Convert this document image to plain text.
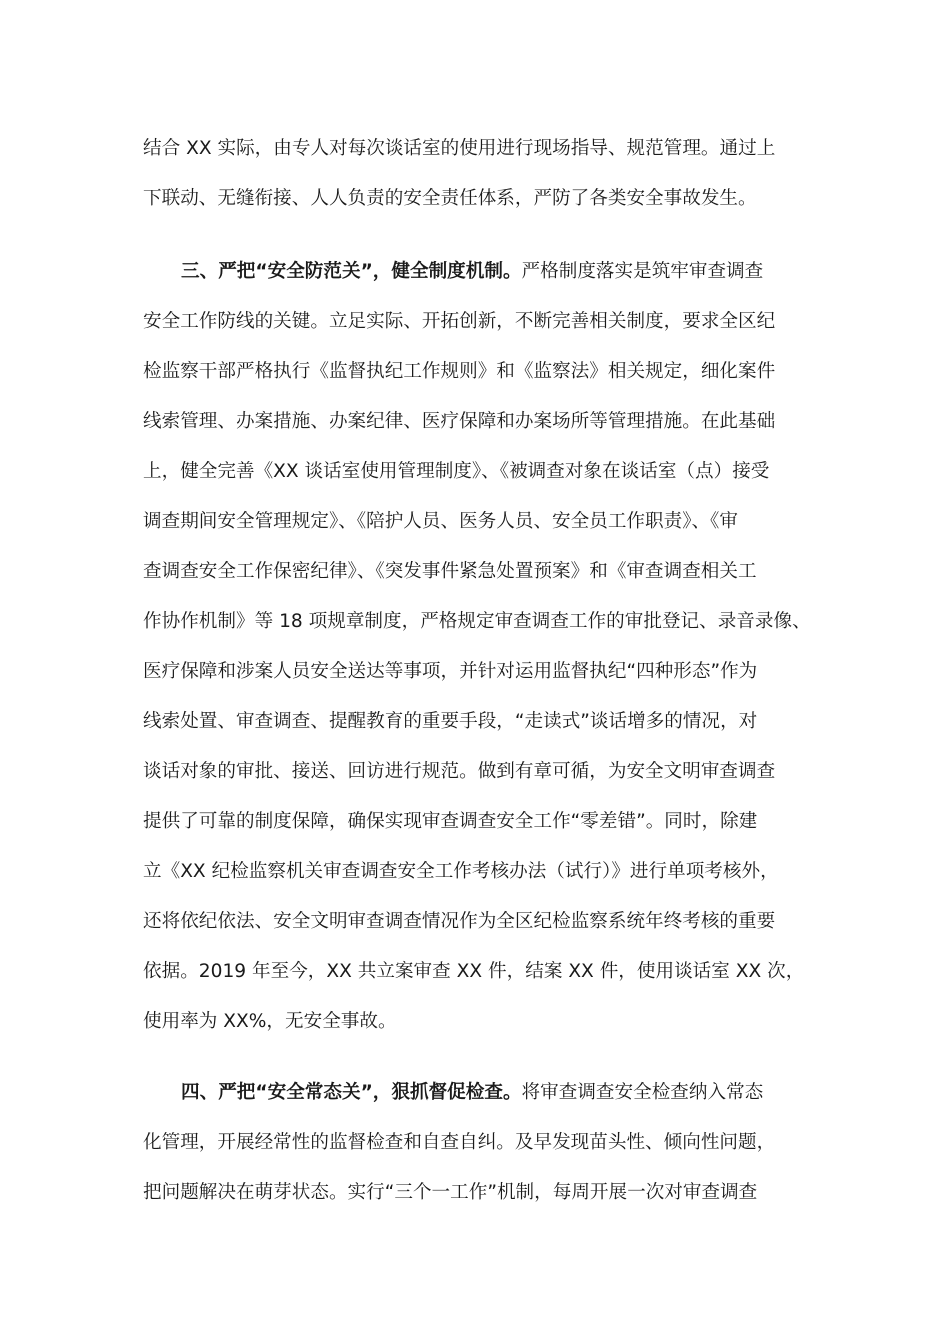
结合 XX 实际，由专人对每次谈话室的使用进行现场指导、规范管理。通过上
下联动、无缝衔接、人人负责的安全责任体系，严防了各类安全事故发生。
三、严把“安全防范关”，健全制度机制。严格制度落实是筑牢审查调查
安全工作防线的关键。立足实际、开拓创新，不断完善相关制度，要求全区纪
检监察干部严格执行《监督执纪工作规则》和《监察法》相关规定，细化案件
线索管理、办案措施、办案纪律、医疗保障和办案场所等管理措施。在此基础
上，健全完善《XX 谈话室使用管理制度》、《被调查对象在谈话室（点）接受
调查期间安全管理规定》、《陪护人员、医务人员、安全员工作职责》、《审
查调查安全工作保密纪律》、《突发事件紧急处置预案》和《审查调查相关工
作协作机制》等 18 项规章制度，严格规定审查调查工作的审批登记、录音录像、
医疗保障和涉案人员安全送达等事项，并针对运用监督执纪“四种形态”作为
线索处置、审查调查、提醒教育的重要手段，“走读式”谈话增多的情况，对
谈话对象的审批、接送、回访进行规范。做到有章可循，为安全文明审查调查
提供了可靠的制度保障，确保实现审查调查安全工作“零差错”。同时，除建
立《XX 纪检监察机关审查调查安全工作考核办法（试行）》进行单项考核外，
还将依纪依法、安全文明审查调查情况作为全区纪检监察系统年终考核的重要
依据。2019 年至今，XX 共立案审查 XX 件，结案 XX 件，使用谈话室 XX 次，
使用率为 XX%，无安全事故。
四、严把“安全常态关”，狠抓督促检查。将审查调查安全检查纳入常态
化管理，开展经常性的监督检查和自查自纠。及早发现苗头性、倾向性问题，
把问题解决在萌芽状态。实行“三个一工作”机制，每周开展一次对审查调查
